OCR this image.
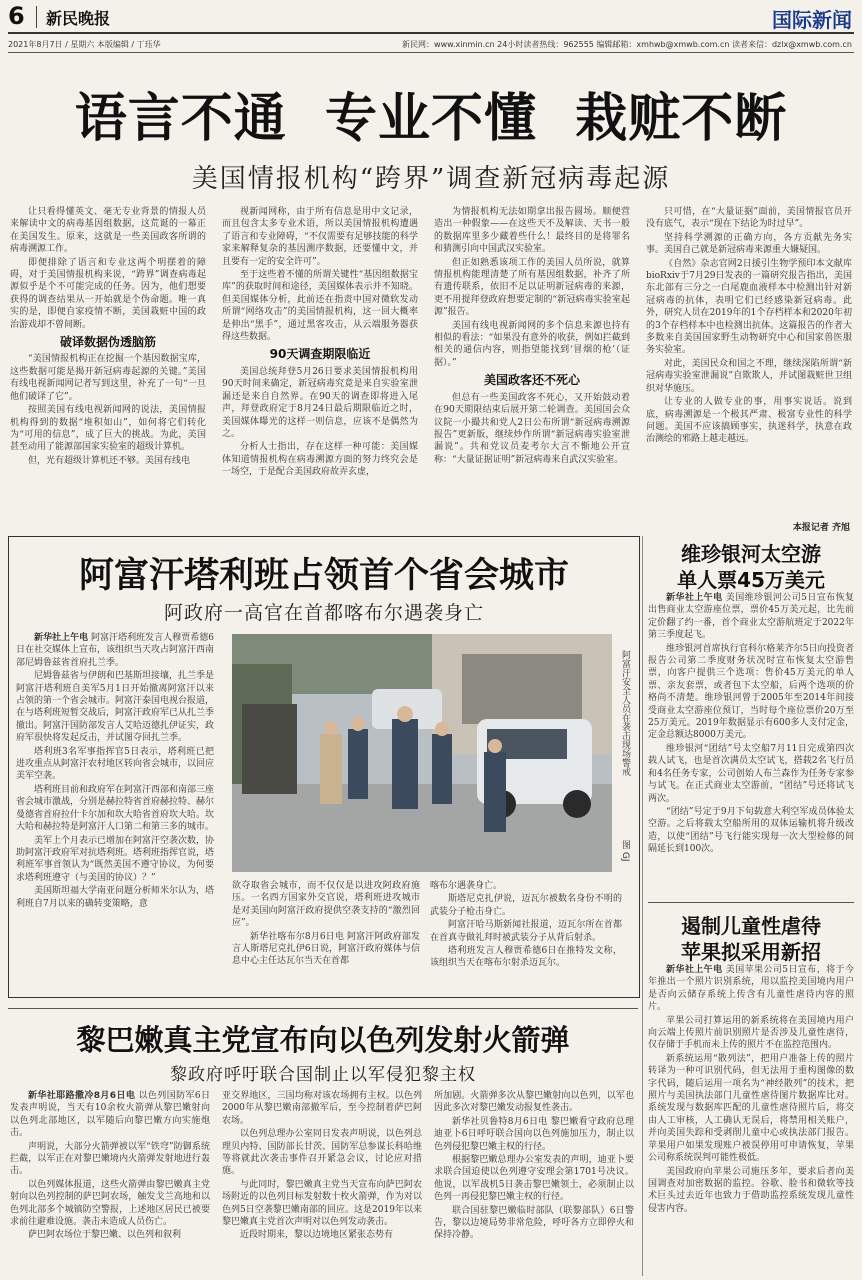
6 新民晚报	国际新闻
2021年8月7日 / 星期六 本版编辑 / 丁珏华	新民网：www.xinmin.cn 24小时读者热线：962555 编辑邮箱：xmhwb@xmwb.com.cn 读者来信：dzlx@xmwb.com.cn
语言不通  专业不懂  栽赃不断
美国情报机构“跨界”调查新冠病毒起源

让只看得懂英文、毫无专业背景的情报人员来解读中文的病毒基因组数据，这荒诞的一幕正在美国发生。原来，这就是一些美国政客所谓的病毒溯源工作。

即便排除了语言和专业这两个明摆着的障碍，对于美国情报机构来说，“跨界”调查病毒起源似乎是个不可能完成的任务。因为，他们想要获得的调查结果从一开始就是个伪命题。唯一真实的是，即便自家疫情不断，美国栽赃中国的政治游戏却不曾间断。

破译数据伪透脑筋

“美国情报机构正在挖掘一个基因数据宝库，这些数据可能是揭开新冠病毒起源的关键。”美国有线电视新闻网记者写到这里，补充了一句“一旦他们破译了它”。

按照美国有线电视新闻网的说法，美国情报机构得到的数据“堆积如山”，如何将它们转化为“可用的信息”，成了巨大的挑战。为此，美国甚至动用了能源部国家实验室的超级计算机。

但，光有超级计算机还不够。美国有线电

视新闻网称，由于所有信息是用中文记录，而且包含太多专业术语，所以美国情报机构遭遇了语言和专业障碍，“不仅需要有足够技能的科学家来解释复杂的基因测序数据，还要懂中文，并且要有一定的安全许可”。

至于这些着不懂的所谓关键性“基因组数据宝库”的获取时间和途径，美国媒体表示并不知晓。但美国媒体分析，此前还在指责中国对微软发动所谓“网络攻击”的美国情报机构，这一回大概率是伸出“黑手”，通过黑客攻击，从云端服务器获得这些数据。

90天调查期限临近

美国总统拜登5月26日要求美国情报机构用90天时间来确定，新冠病毒究竟是来自实验室泄漏还是来自自然界。在90天的调查即将进入尾声，拜登政府定于8月24日最后期限临近之时，美国媒体曝光的这样一则信息，应该不是偶然为之。

分析人士指出，存在这样一种可能：美国媒体知道情报机构在病毒溯源方面的努力终究会是一场空，于是配合美国政府故弄玄虚，

为情报机构无法如期拿出报告圆场。顺便营造出一种假象——在这些天不及解读、天书一般的数据库里多少藏着些什么！最终目的是将罪名和猜测引向中国武汉实验室。

但正如熟悉该项工作的美国人员所说，就算情报机构能理清楚了所有基因组数据，补齐了所有遗传联系，依旧不足以证明新冠病毒的来源，更不用提拜登政府想要定制的“新冠病毒实验室起源”报告。

美国有线电视新闻网的多个信息来源也持有相似的看法：“如果没有意外的收获，例如拦截到相关的通信内容，则指望能找到‘冒烟的枪’（证据）。”

美国政客还不死心

但总有一些美国政客不死心，又开始鼓动着在90天期限结束后展开第二轮调查。美国国会众议院一小撮共和党人2日公布所谓“新冠病毒溯源报告”更新版，继续炒作所谓“新冠病毒实验室泄漏说”。共和党议员麦考尔大言不惭地公开宣称：“大量证据证明”新冠病毒来自武汉实验室。

只可惜，在“大量证据”面前，美国情报官员开没有底气，表示“现在下结论为时过早”。

坚持科学溯源的正确方向，各方贡献先务实事。美国自己就是新冠病毒来源重大嫌疑国。

《自然》杂志官网2日援引生物学预印本文献库bioRxiv于7月29日发表的一篇研究报告指出，美国东北部有三分之一白尾鹿血液样本中检测出针对新冠病毒的抗体，表明它们已经感染新冠病毒。此外，研究人员在2019年的1个存档样本和2020年初的3个存档样本中也检测出抗体。这篇报告的作者大多数来自美国国家野生动物研究中心和国家兽医服务实验室。

对此，美国民众和国之不理，继续深陷所谓“新冠病毒实验室泄漏说”自欺欺人，并试图栽赃世卫组织对华施压。

让专业的人做专业的事，用事实说话。说到底，病毒溯源是一个极其严肃、极富专业性的科学问题。美国不应该搞顾事实，执迷科学，执意在政治测绘的邪路上越走越远。

本报记者 齐旭
阿富汗塔利班占领首个省会城市
阿政府一高官在首都喀布尔遇袭身亡

新华社上午电 阿富汗塔利班发言人穆贾希德6日在社交媒体上宣布，该组织当天攻占阿富汗西南部尼姆鲁兹省首府扎兰季。

尼姆鲁兹省与伊朗和巴基斯坦接壤，扎兰季是阿富汗塔利班自美军5月1日开始撤离阿富汗以来占领的第一个省会城市。阿富汗泰国电视台报道，在与塔利班短暂交战后，阿富汗政府军已从扎兰季撤出。阿富汗国防部发言人艾哈迈德扎伊证实，政府军很快将发起反击，并试图夺回扎兰季。

塔利班3名军事指挥官5日表示，塔利班已把进攻重点从阿富汗农村地区转向省会城市，以回应美军空袭。

塔利班目前和政府军在阿富汗西部和南部三座省会城市激战，分别是赫拉特省首府赫拉特、赫尔曼德省首府拉什卡尔加和坎大哈省首府坎大哈。坎大哈和赫拉特是阿富汗人口第二和第三多的城市。

美军上个月表示已增加在阿富汗空袭次数，协助阿富汗政府军对抗塔利班。塔利班指挥官说，塔利班军事首领认为“既然美国不遵守协议，为何要求塔利班遵守（与美国的协议）？”

美国斯坦福大学南亚问题分析师米尔认为，塔利班自7月以来的确转变策略，意

阿富汗安全人员在袭击现场警戒
图 GJ

欲夺取省会城市，而不仅仅是以进攻阿政府施压。一名西方国家外交官说，塔利班进攻城市是对美国向阿富汗政府提供空袭支持的“激烈回应”。

新华社喀布尔8月6日电 阿富汗阿政府部发言人斯塔尼克扎伊6日说，阿富汗政府媒体与信息中心主任达瓦尔当天在首都

喀布尔遇袭身亡。

斯塔尼克扎伊说，迈瓦尔被数名身份不明的武装分子枪击身亡。

阿富汗哈马斯新闻社报道，迈瓦尔所在首都在首真寺做礼拜时被武装分子从背后射杀。

塔利班发言人穆贾希德6日在推特发文称，该组织当天在喀布尔射杀迈瓦尔。

维珍银河太空游
单人票45万美元

新华社上午电 美国维珍银河公司5日宣布恢复出售商业太空游座位票，票价45万美元起，比先前定价翻了约一番，首个商业太空游航班定于2022年第三季度起飞。

维珍银河首席执行官科尔格莱齐尔5日向投资者报告公司第二季度财务状况时宣布恢复太空游售票，向客户提供三个选项：售价45万美元的单人票、亲友套票，或者包下太空船，后两个选项的价格尚不清楚。维珍银河曾于2005年至2014年间接受商业太空游座位预订，当时每个座位票价20万至25万美元。2019年数据显示有600多人支付定金，定金总额达8000万美元。

维珍银河“团结”号太空船7月11日完成第四次载人试飞，也是首次满员太空试飞，搭载2名飞行员和4名任务专家，公司创始人布兰森作为任务专家参与试飞。在正式商业太空游前，“团结”号还将试飞两次。

“团结”号定于9月下旬载意大利空军成员体验太空游。之后将载太空船所用的双体运输机将升级改造，以使“团结”号飞行能实现每一次大型检修的间隔延长到100次。

遏制儿童性虐待
苹果拟采用新招

新华社上午电 美国苹果公司5日宣布，将于今年推出一个照片识别系统，用以监控美国境内用户是否向云储存系统上传含有儿童性虐待内容的照片。

苹果公司打算运用的新系统将在美国境内用户向云端上传照片前识别照片是否涉及儿童性虐待，仅存储于手机而未上传的照片不在监控范围内。

新系统运用“散列法”，把用户准备上传的照片转译为一种可识别代码，但无法用于重构图像的数字代码，随后运用一项名为“神经散列”的技术，把照片与美国执法部门儿童性虐待图片数据库比对。系统发现与数据库匹配的儿童性虐待照片后，将交由人工审核，人工确认无误后，将禁用相关账户，并向美国失踪和受剥削儿童中心或执法部门报告。苹果用户如果发现账户被误停用可申请恢复，苹果公司称系统误判可能性极低。

美国政府向苹果公司施压多年，要求后者向美国调查对加密数据的监控。谷歌、脸书和微软等技术巨头过去近年也致力于借助监控系统发现儿童性侵害内容。

黎巴嫩真主党宣布向以色列发射火箭弹
黎政府呼吁联合国制止以军侵犯黎主权

新华社耶路撒冷8月6日电 以色列国防军6日发表声明说，当天有10余枚火箭弹从黎巴嫩射向以色列北部地区，以军随后向黎巴嫩方向实施炮击。

声明说，大部分火箭弹被以军“铁穹”防御系统拦截，以军正在对黎巴嫩境内火箭弹发射地进行轰击。

以色列媒体报道，这些火箭弹由黎巴嫩真主党射向以色列控制的萨巴阿农场，触发戈兰高地和以色列北部多个城镇防空警报，上述地区居民已被要求前往避难设施。袭击未造成人员伤亡。

萨巴阿农场位于黎巴嫩、以色列和叙利

亚交界地区，三国均称对该农场拥有主权。以色列2000年从黎巴嫩南部撤军后，至今控制着萨巴阿农场。

以色列总理办公室同日发表声明说，以色列总理贝内特、国防部长甘茨、国防军总参谋长科哈维等将就此次袭击事件召开紧急会议，讨论应对措施。

与此同时，黎巴嫩真主党当天宣布向萨巴阿农场附近的以色列目标发射数十枚火箭弹，作为对以色列5日空袭黎巴嫩南部的回应。这是2019年以来黎巴嫩真主党首次声明对以色列发动袭击。

近段时期来，黎以边境地区紧张态势有

所加剧。火箭弹多次从黎巴嫩射向以色列，以军也因此多次对黎巴嫩发动报复性袭击。

新华社贝鲁特8月6日电 黎巴嫩看守政府总理迪亚卜6日呼吁联合国向以色列施加压力，制止以色列侵犯黎巴嫩主权的行径。

根据黎巴嫩总理办公室发表的声明，迪亚卜要求联合国迫使以色列遵守安理会第1701号决议。他说，以军战机5日袭击黎巴嫩领土，必须制止以色列一再侵犯黎巴嫩主权的行径。

联合国驻黎巴嫩临时部队（联黎部队）6日警告，黎以边境局势非常危险，呼吁各方立即停火和保持冷静。
